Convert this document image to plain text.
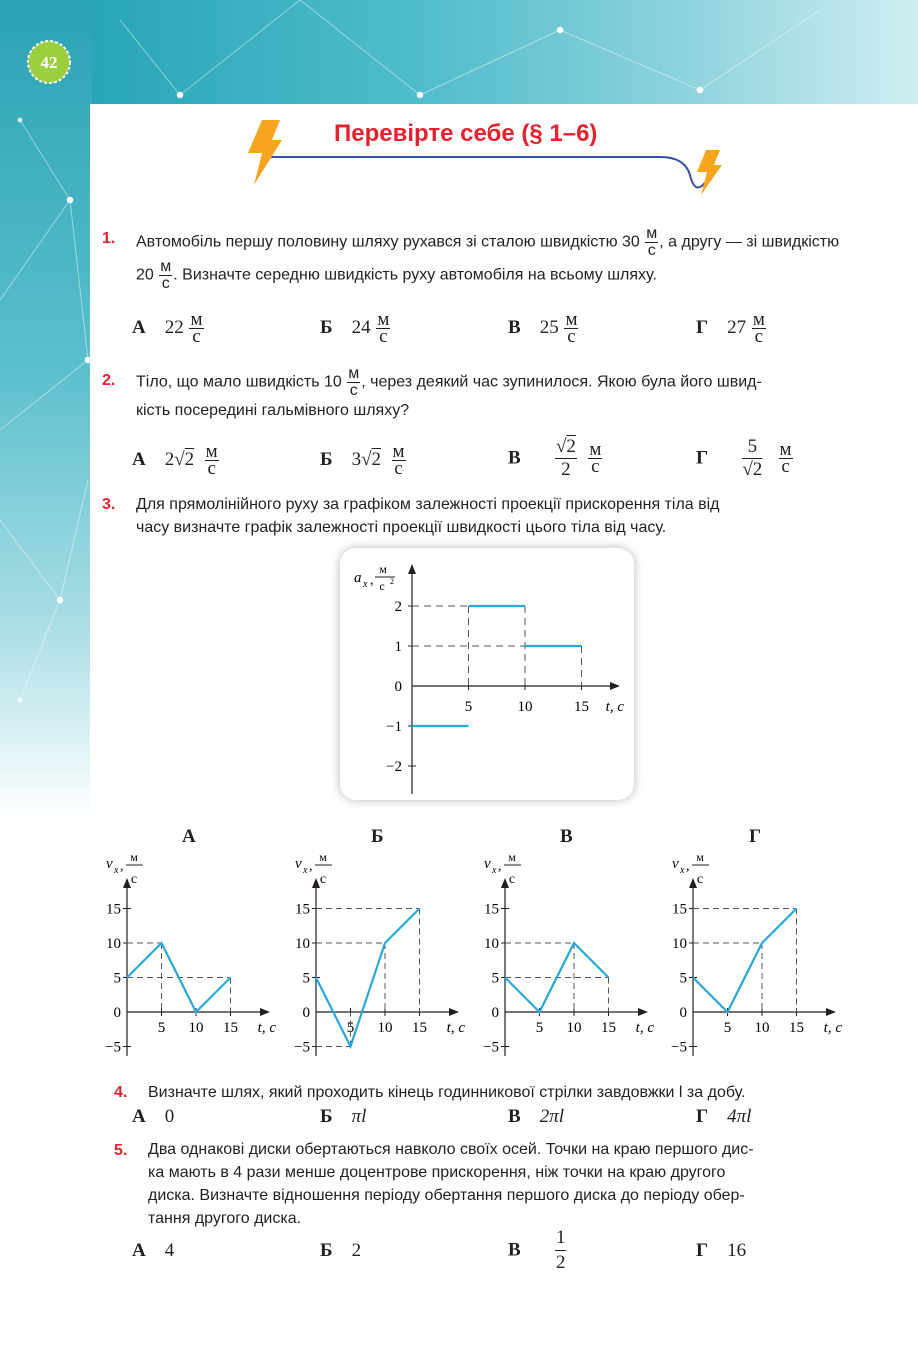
42
Перевірте себе (§ 1–6)
1. Автомобіль першу половину шляху рухався зі сталою швидкістю 30
м
с , а другу — зі швидкістю 20
м
с . Визначте середню швидкість руху автомобіля на всьому шляху.
А 22 м
с	Б 24 м
с	В 25 м
с	Г 27 м
с
2. Тіло, що мало швидкість 10
м
с , через деякий час зупинилося. Якою була його швид-
кість посередині гальмівного шляху?
А 2√2 м
с	Б 3√2 м
с	В $\frac{√2}{2}$
м
с	Г $\frac{5}{√2}$
м
с
3. Для прямолінійного руху за графіком залежності проекції прискорення тіла від
часу визначте графік залежності проекції швидкості цього тіла від часу.
a x ,
м
с 2
2
1
0
−1
−2
5	10	15 t, с
А	Б	В	Г
v x ,
м
с
15
10
5
0
−5
5 10 15 t, с
v x ,
м
с
15
10
5
0
−5
5 10 15 t, с
v x ,
м
с
15
10
5
0
−5
5 10 15 t, с
v x ,
м
с
15
10
5
0
−5
5 10 15 t, с
4. Визначте шлях, який проходить кінець годинникової стрілки завдовжки l за добу.
А 0	Б πl	В 2πl	Г 4πl
5. Два однакові диски обертаються навколо своїх осей. Точки на краю першого дис-
ка мають в 4 рази менше доцентрове прискорення, ніж точки на краю другого
диска. Визначте відношення періоду обертання першого диска до періоду обер-
тання другого диска.
А 4	Б 2	В $\frac{1}{2}$	Г 16
